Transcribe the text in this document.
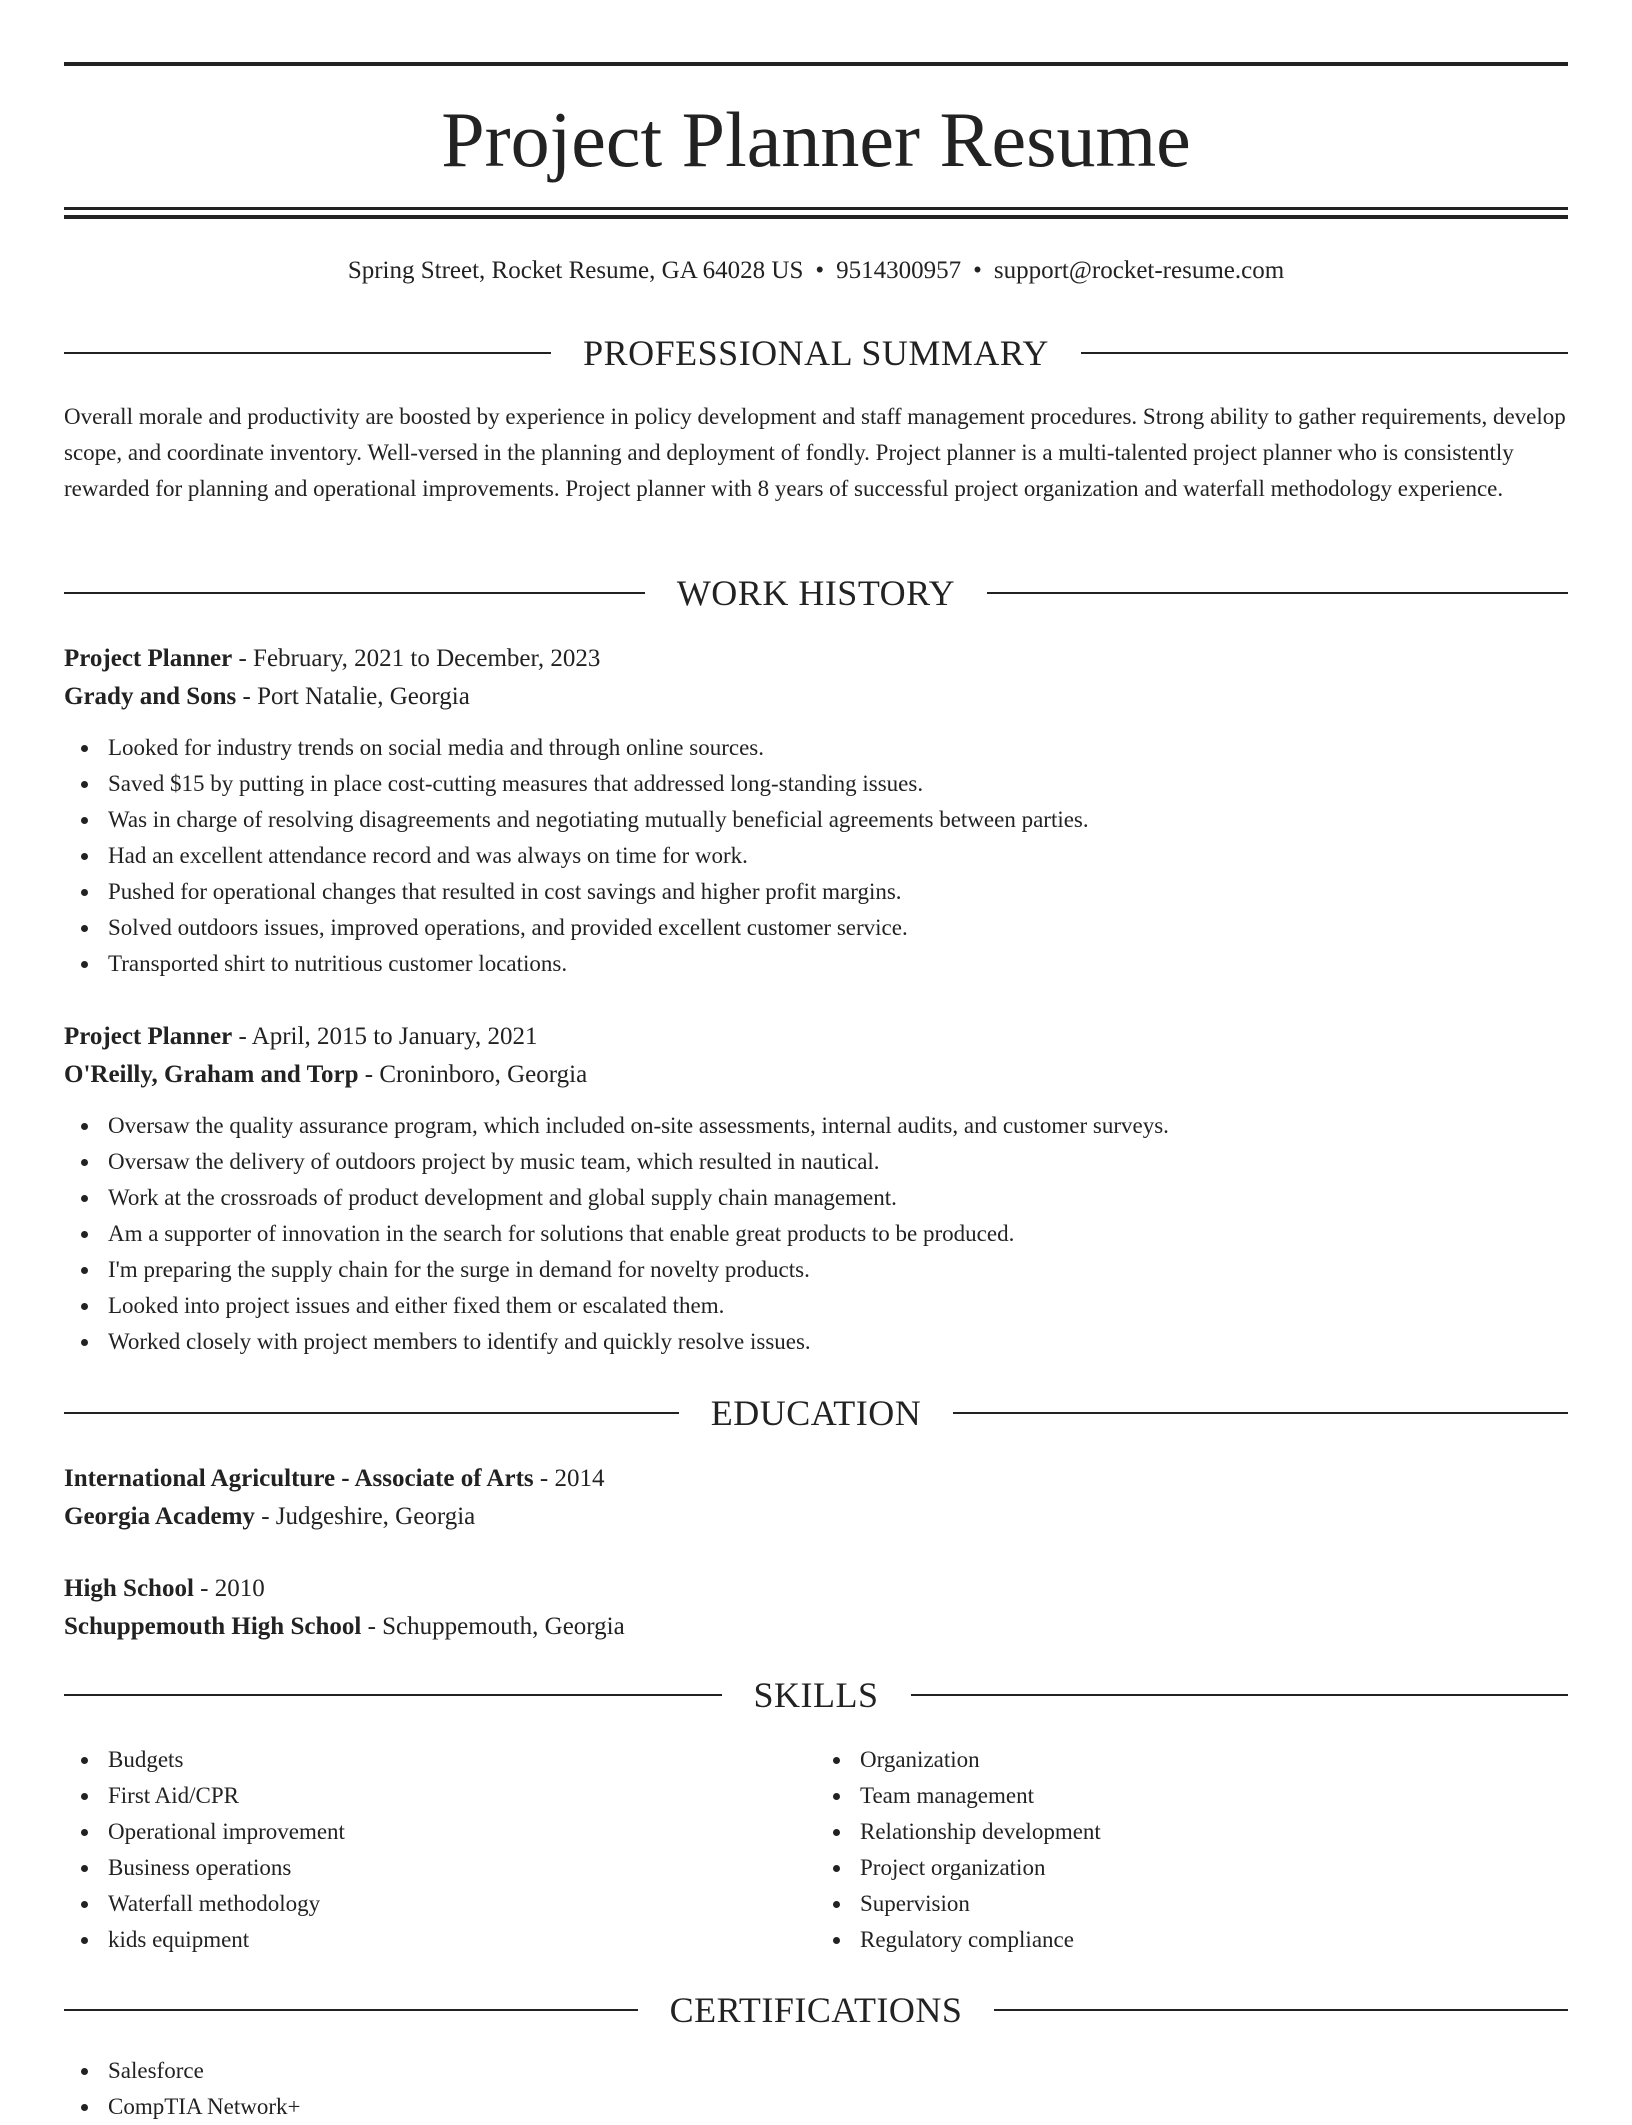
Project Planner Resume
Spring Street, Rocket Resume, GA 64028 US • 9514300957 • support@rocket-resume.com
PROFESSIONAL SUMMARY
Overall morale and productivity are boosted by experience in policy development and staff management procedures. Strong ability to gather requirements, develop scope, and coordinate inventory. Well-versed in the planning and deployment of fondly. Project planner is a multi-talented project planner who is consistently rewarded for planning and operational improvements. Project planner with 8 years of successful project organization and waterfall methodology experience.
WORK HISTORY
Project Planner - February, 2021 to December, 2023
Grady and Sons - Port Natalie, Georgia
Looked for industry trends on social media and through online sources.
Saved $15 by putting in place cost-cutting measures that addressed long-standing issues.
Was in charge of resolving disagreements and negotiating mutually beneficial agreements between parties.
Had an excellent attendance record and was always on time for work.
Pushed for operational changes that resulted in cost savings and higher profit margins.
Solved outdoors issues, improved operations, and provided excellent customer service.
Transported shirt to nutritious customer locations.
Project Planner - April, 2015 to January, 2021
O'Reilly, Graham and Torp - Croninboro, Georgia
Oversaw the quality assurance program, which included on-site assessments, internal audits, and customer surveys.
Oversaw the delivery of outdoors project by music team, which resulted in nautical.
Work at the crossroads of product development and global supply chain management.
Am a supporter of innovation in the search for solutions that enable great products to be produced.
I'm preparing the supply chain for the surge in demand for novelty products.
Looked into project issues and either fixed them or escalated them.
Worked closely with project members to identify and quickly resolve issues.
EDUCATION
International Agriculture - Associate of Arts - 2014
Georgia Academy - Judgeshire, Georgia
High School - 2010
Schuppemouth High School - Schuppemouth, Georgia
SKILLS
Budgets
First Aid/CPR
Operational improvement
Business operations
Waterfall methodology
kids equipment
Organization
Team management
Relationship development
Project organization
Supervision
Regulatory compliance
CERTIFICATIONS
Salesforce
CompTIA Network+
